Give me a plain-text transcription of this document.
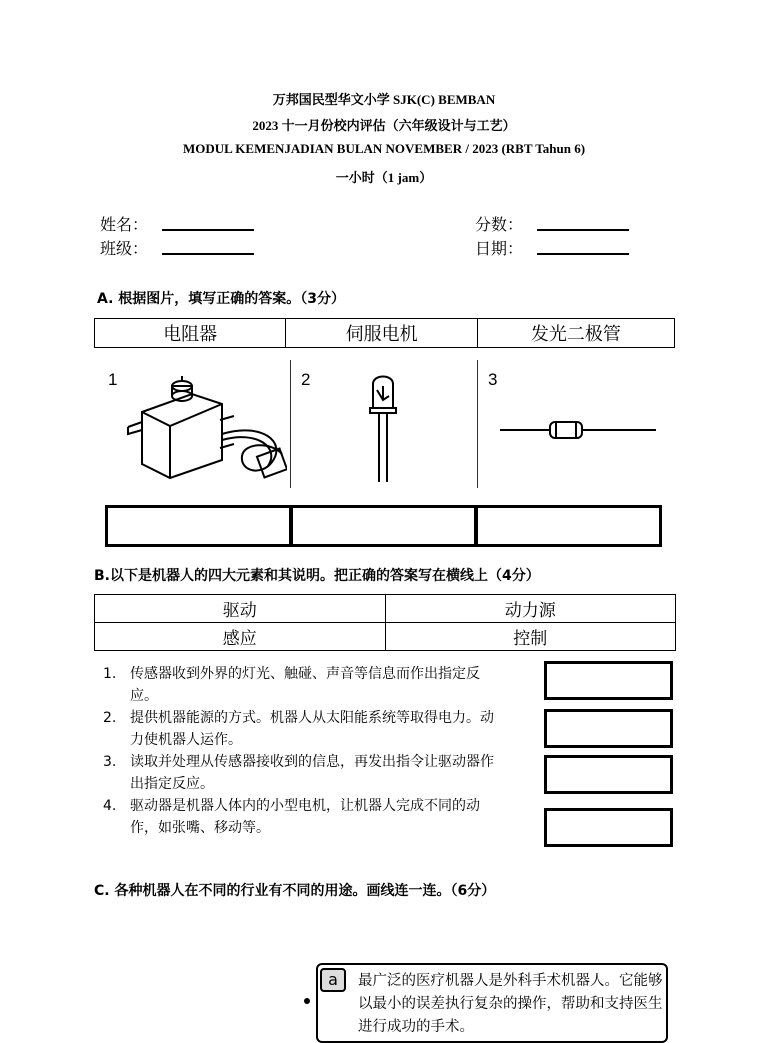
万邦国民型华文小学 SJK(C) BEMBAN
2023 十一月份校内评估（六年级设计与工艺）
MODUL KEMENJADIAN BULAN NOVEMBER / 2023 (RBT Tahun 6)
一小时（1 jam）
姓名：
班级：
分数：
日期：
A. 根据图片，填写正确的答案。（3分）
电阻器	伺服电机	发光二极管
1	2	3
B.以下是机器人的四大元素和其说明。把正确的答案写在横线上（4分）
驱动	动力源
感应	控制
1. 传感器收到外界的灯光、触碰、声音等信息而作出指定反应。
2. 提供机器能源的方式。机器人从太阳能系统等取得电力。动力使机器人运作。
3. 读取并处理从传感器接收到的信息，再发出指令让驱动器作出指定反应。
4. 驱动器是机器人体内的小型电机，让机器人完成不同的动作，如张嘴、移动等。
C. 各种机器人在不同的行业有不同的用途。画线连一连。（6分）
a	最广泛的医疗机器人是外科手术机器人。它能够以最小的误差执行复杂的操作，帮助和支持医生进行成功的手术。
